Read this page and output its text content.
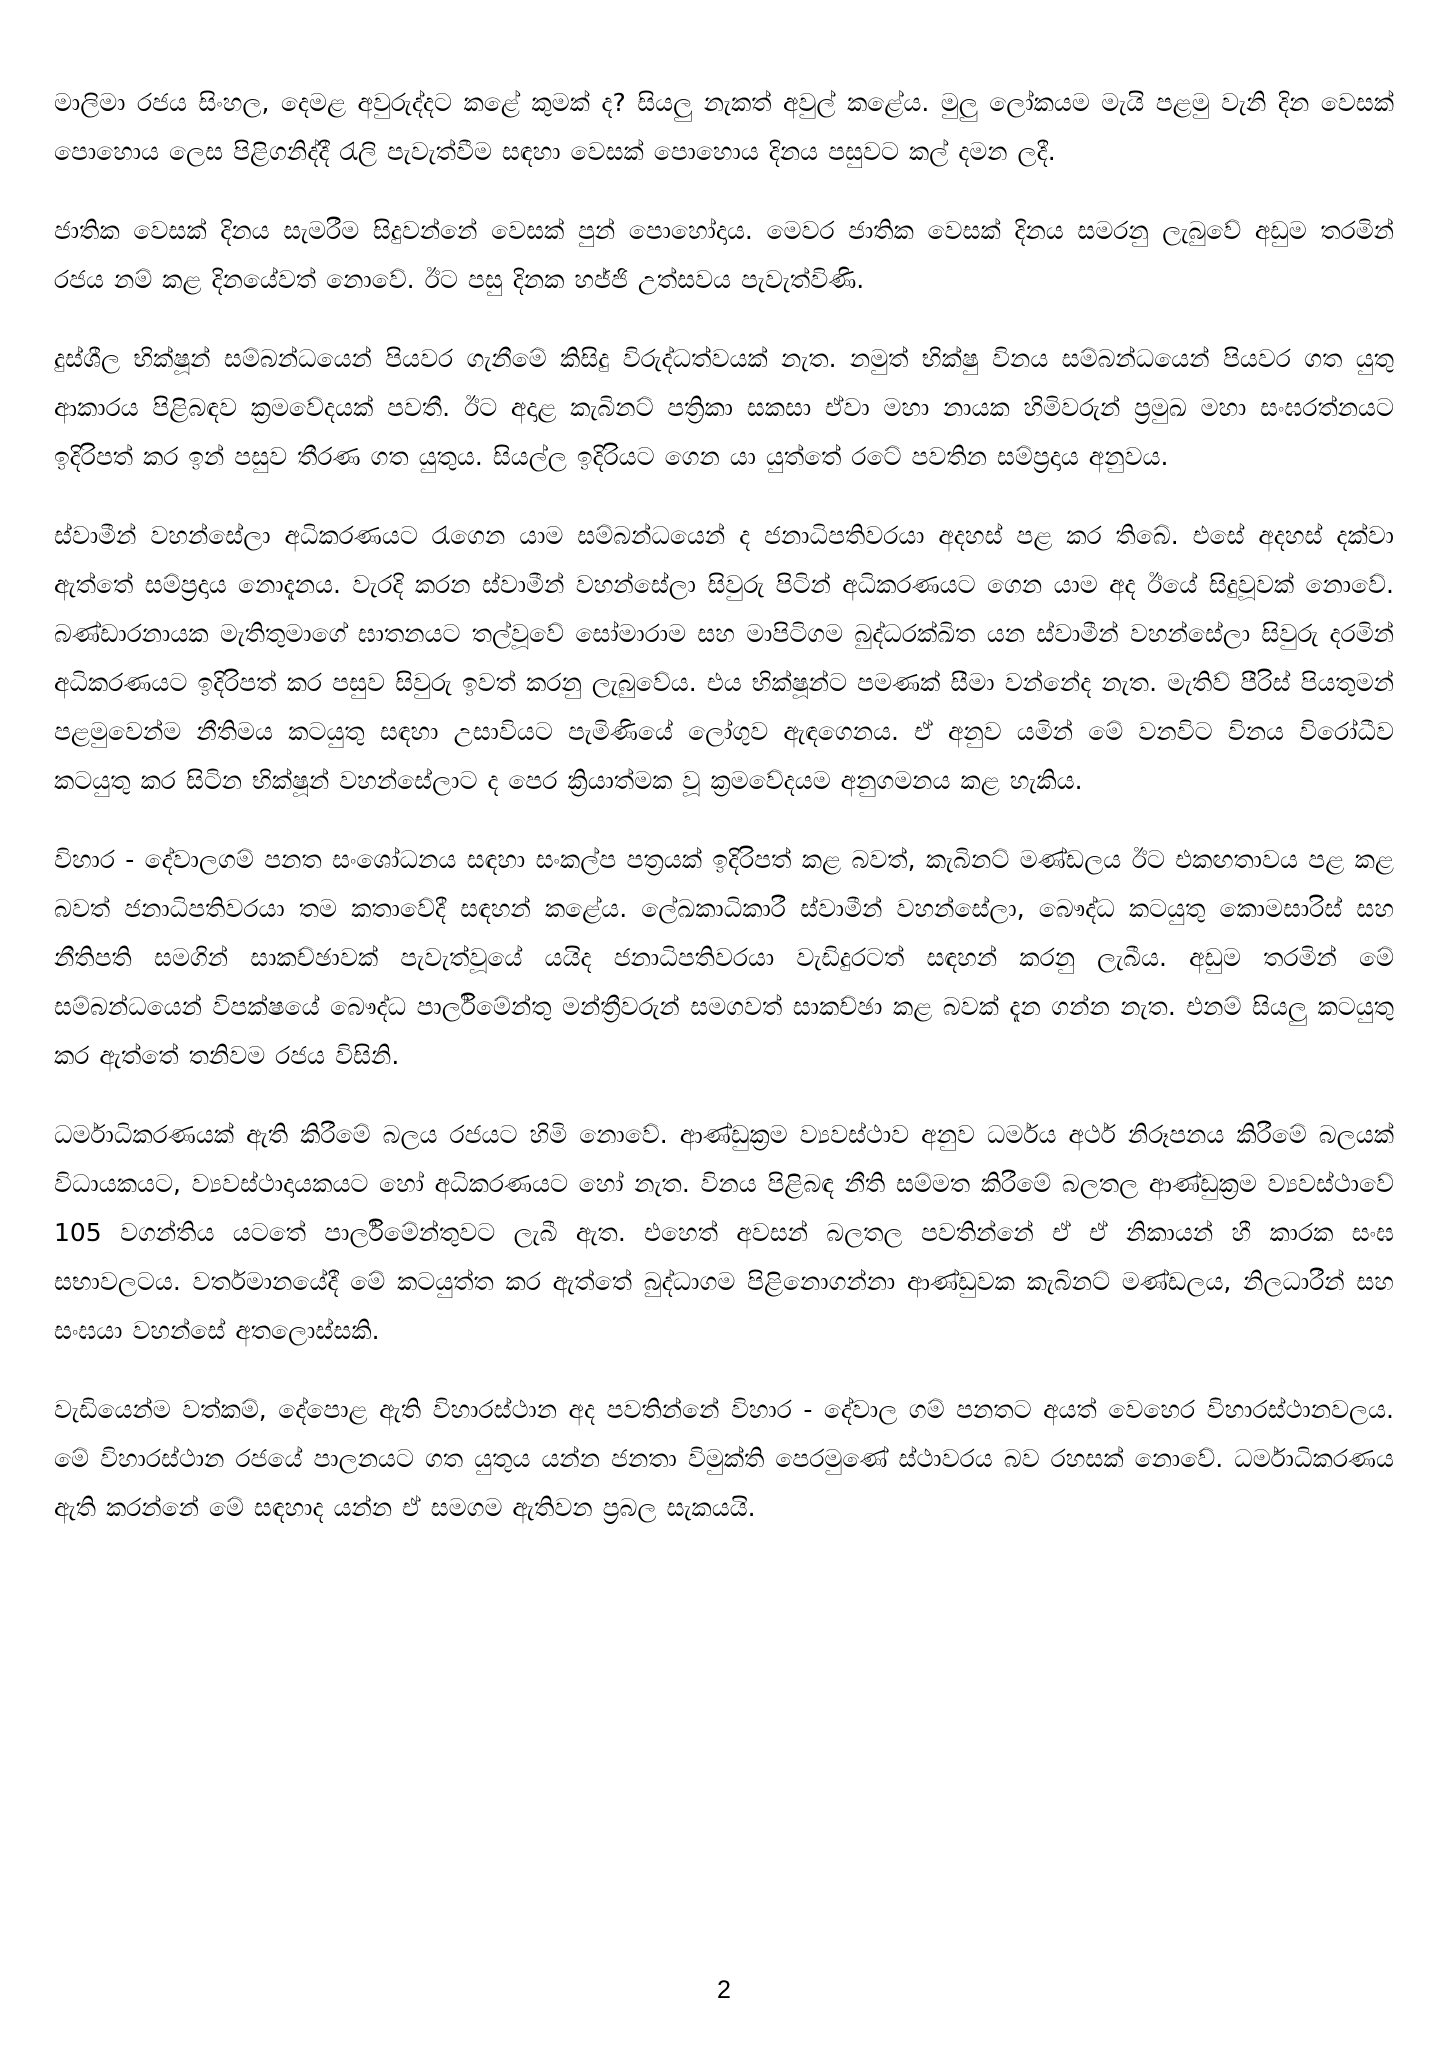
මාලිමා රජය සිංහල, දෙමළ අවුරුද්දට කළේ කුමක් ද? සියලු නැකත් අවුල් කළේය. මුලු ලෝකයම මැයි පළමු වැනි දින වෙසක් පොහොය ලෙස පිළිගනිද්දී රැලි පැවැත්වීම සඳහා වෙසක් පොහොය දිනය පසුවට කල් දමන ලදී.

ජාතික වෙසක් දිනය සැමරීම සිදුවන්නේ වෙසක් පුන් පොහෝදාය. මෙවර ජාතික වෙසක් දිනය සමරනු ලැබුවේ අඩුම තරමින් රජය නම් කළ දිනයේවත් නොවේ. ඊට පසු දිනක හජ්ජි උත්සවය පැවැත්විණි.

දුස්ශීල භික්ෂූන් සම්බන්ධයෙන් පියවර ගැනීමේ කිසිදු විරුද්ධත්වයක් නැත. නමුත් භික්ෂු විනය සම්බන්ධයෙන් පියවර ගත යුතු ආකාරය පිළිබඳව ක්‍රමවේදයක් පවතී. ඊට අදාළ කැබිනට් පත්‍රිකා සකසා ඒවා මහා නායක හිමිවරුන් ප්‍රමුඛ මහා සංඝරත්නයට ඉදිරිපත් කර ඉන් පසුව තීරණ ගත යුතුය. සියල්ල ඉදිරියට ගෙන යා යුත්තේ රටේ පවතින සම්ප්‍රදාය අනුවය.

ස්වාමීන් වහන්සේලා අධිකරණයට රැගෙන යාම සම්බන්ධයෙන් ද ජනාධිපතිවරයා අදහස් පළ කර තිබේ. එසේ අදහස් දක්වා ඇත්තේ සම්ප්‍රදාය නොදැනය. වැරදි කරන ස්වාමීන් වහන්සේලා සිවුරු පිටින් අධිකරණයට ගෙන යාම අද ඊයේ සිදුවූවක් නොවේ. බණ්ඩාරනායක මැතිතුමාගේ ඝාතනයට තල්වූවේ සෝමාරාම සහ මාපිටිගම බුද්ධරක්ඛිත යන ස්වාමීන් වහන්සේලා සිවුරු දරමින් අධිකරණයට ඉදිරිපත් කර පසුව සිවුරු ඉවත් කරනු ලැබුවේය. එය භික්ෂූන්ට පමණක් සීමා වන්නේද නැත. මැතිව් පීරිස් පියතුමන් පළමුවෙන්ම නීතිමය කටයුතු සඳහා උසාවියට පැමිණියේ ලෝගුව ඇඳගෙනය. ඒ අනුව යමින් මේ වනවිට විනය විරෝධීව කටයුතු කර සිටින භික්ෂූන් වහන්සේලාට ද පෙර ක්‍රියාත්මක වූ ක්‍රමවේදයම අනුගමනය කළ හැකිය.

විහාර - දේවාලගම් පනත සංශෝධනය සඳහා සංකල්ප පත්‍රයක් ඉදිරිපත් කළ බවත්, කැබිනට් මණ්ඩලය ඊට එකඟතාවය පළ කළ බවත් ජනාධිපතිවරයා තම කතාවේදී සඳහන් කළේය. ලේඛකාධිකාරී ස්වාමීන් වහන්සේලා, බෞද්ධ කටයුතු කොමසාරිස් සහ නීතිපති සමගින් සාකච්ඡාවක් පැවැත්වූයේ යයිද ජනාධිපතිවරයා වැඩිදුරටත් සඳහන් කරනු ලැබීය. අඩුම තරමින් මේ සම්බන්ධයෙන් විපක්ෂයේ බෞද්ධ පාර්ලිමේන්තු මන්ත්‍රීවරුන් සමගවත් සාකච්ඡා කළ බවක් දැන ගන්න නැත. එනම් සියලු කටයුතු කර ඇත්තේ තනිවම රජය විසිනි.

ධර්මාධිකරණයක් ඇති කිරීමේ බලය රජයට හිමි නොවේ. ආණ්ඩුක්‍රම ව්‍යවස්ථාව අනුව ධර්මය අර්ථ නිරූපනය කිරීමේ බලයක් විධායකයට, ව්‍යවස්ථාදායකයට හෝ අධිකරණයට හෝ නැත. විනය පිළිබඳ නීති සම්මත කිරීමේ බලතල ආණ්ඩුක්‍රම ව්‍යවස්ථාවේ 105 වගන්තිය යටතේ පාර්ලිමේන්තුවට ලැබී ඇත. එහෙත් අවසන් බලතල පවතින්නේ ඒ ඒ නිකායන් හී කාරක සංඝ සභාවලටය. වර්තමානයේදී මේ කටයුත්ත කර ඇත්තේ බුද්ධාගම පිළිනොගන්නා ආණ්ඩුවක කැබිනට් මණ්ඩලය, නිලධාරීන් සහ සංඝයා වහන්සේ අතලොස්සකි.

වැඩියෙන්ම වත්කම්, දේපොළ ඇති විහාරස්ථාන අද පවතින්නේ විහාර - දේවාල ගම් පනතට අයත් වෙහෙර විහාරස්ථානවලය. මේ විහාරස්ථාන රජයේ පාලනයට ගත යුතුය යන්න ජනතා විමුක්ති පෙරමුණේ ස්ථාවරය බව රහසක් නොවේ. ධර්මාධිකරණය ඇති කරන්නේ මේ සඳහාද යන්න ඒ සමගම ඇතිවන ප්‍රබල සැකයයි.

2
